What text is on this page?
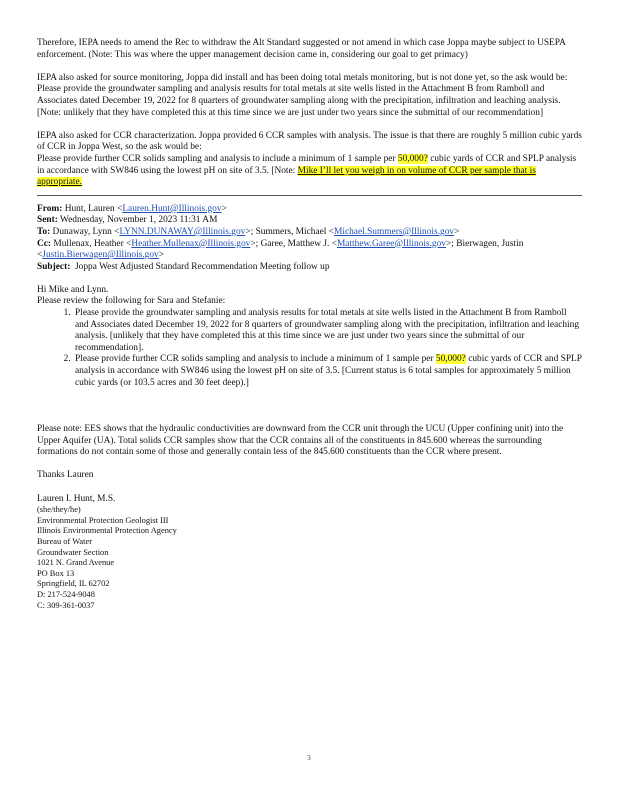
Therefore, IEPA needs to amend the Rec to withdraw the Alt Standard suggested or not amend in which case Joppa maybe subject to USEPA enforcement. (Note: This was where the upper management decision came in, considering our goal to get primacy)

IEPA also asked for source monitoring, Joppa did install and has been doing total metals monitoring, but is not done yet, so the ask would be:

Please provide the groundwater sampling and analysis results for total metals at site wells listed in the Attachment B from Ramboll and Associates dated December 19, 2022 for 8 quarters of groundwater sampling along with the precipitation, infiltration and leaching analysis. [Note: unlikely that they have completed this at this time since we are just under two years since the submittal of our recommendation]

IEPA also asked for CCR characterization. Joppa provided 6 CCR samples with analysis. The issue is that there are roughly 5 million cubic yards of CCR in Joppa West, so the ask would be:

Please provide further CCR solids sampling and analysis to include a minimum of 1 sample per 50,000? cubic yards of CCR and SPLP analysis in accordance with SW846 using the lowest pH on site of 3.5. [Note: Mike I’ll let you weigh in on volume of CCR per sample that is appropriate.

From: Hunt, Lauren <Lauren.Hunt@Illinois.gov>

Sent: Wednesday, November 1, 2023 11:31 AM

To: Dunaway, Lynn <LYNN.DUNAWAY@Illinois.gov>; Summers, Michael <Michael.Summers@Illinois.gov>

Cc: Mullenax, Heather <Heather.Mullenax@Illinois.gov>; Garee, Matthew J. <Matthew.Garee@Illinois.gov>; Bierwagen, Justin <Justin.Bierwagen@Illinois.gov>

Subject: Joppa West Adjusted Standard Recommendation Meeting follow up

Hi Mike and Lynn.

Please review the following for Sara and Stefanie:

1. Please provide the groundwater sampling and analysis results for total metals at site wells listed in the Attachment B from Ramboll and Associates dated December 19, 2022 for 8 quarters of groundwater sampling along with the precipitation, infiltration and leaching analysis. [unlikely that they have completed this at this time since we are just under two years since the submittal of our recommendation].
2. Please provide further CCR solids sampling and analysis to include a minimum of 1 sample per 50,000? cubic yards of CCR and SPLP analysis in accordance with SW846 using the lowest pH on site of 3.5. [Current status is 6 total samples for approximately 5 million cubic yards (or 103.5 acres and 30 feet deep).]

Please note: EES shows that the hydraulic conductivities are downward from the CCR unit through the UCU (Upper confining unit) into the Upper Aquifer (UA). Total solids CCR samples show that the CCR contains all of the constituents in 845.600 whereas the surrounding formations do not contain some of those and generally contain less of the 845.600 constituents than the CCR where present.

Thanks Lauren

Lauren I. Hunt, M.S.

(she/they/he)

Environmental Protection Geologist III

Illinois Environmental Protection Agency

Bureau of Water

Groundwater Section

1021 N. Grand Avenue

PO Box 13

Springfield, IL 62702

D: 217-524-9048

C: 309-361-0037

3
